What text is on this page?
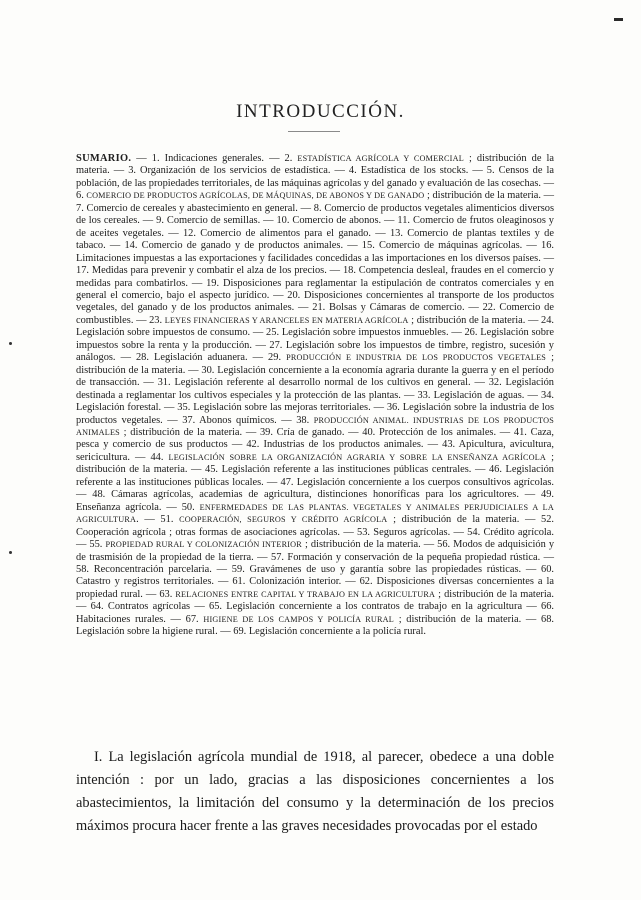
INTRODUCCIÓN.
SUMARIO. — 1. Indicaciones generales. — 2. ESTADÍSTICA AGRÍCOLA Y COMERCIAL ; distribución de la materia. — 3. Organización de los servicios de estadística. — 4. Estadística de los stocks. — 5. Censos de la población, de las propiedades territoriales, de las máquinas agrícolas y del ganado y evaluación de las cosechas. — 6. COMERCIO DE PRODUCTOS AGRÍCOLAS, DE MÁQUINAS, DE ABONOS Y DE GANADO ; distribución de la materia. — 7. Comercio de cereales y abastecimiento en general. — 8. Comercio de productos vegetales alimenticios diversos de los cereales. — 9. Comercio de semillas. — 10. Comercio de abonos. — 11. Comercio de frutos oleaginosos y de aceites vegetales. — 12. Comercio de alimentos para el ganado. — 13. Comercio de plantas textiles y de tabaco. — 14. Comercio de ganado y de productos animales. — 15. Comercio de máquinas agrícolas. — 16. Limitaciones impuestas a las exportaciones y facilidades concedidas a las importaciones en los diversos países. — 17. Medidas para prevenir y combatir el alza de los precios. — 18. Competencia desleal, fraudes en el comercio y medidas para combatirlos. — 19. Disposiciones para reglamentar la estipulación de contratos comerciales y en general el comercio, bajo el aspecto jurídico. — 20. Disposiciones concernientes al transporte de los productos vegetales, del ganado y de los productos animales. — 21. Bolsas y Cámaras de comercio. — 22. Comercio de combustibles. — 23. LEYES FINANCIERAS Y ARANCELES EN MATERIA AGRÍCOLA ; distribución de la materia. — 24. Legislación sobre impuestos de consumo. — 25. Legislación sobre impuestos inmuebles. — 26. Legislación sobre impuestos sobre la renta y la producción. — 27. Legislación sobre los impuestos de timbre, registro, sucesión y análogos. — 28. Legislación aduanera. — 29. PRODUCCIÓN E INDUSTRIA DE LOS PRODUCTOS VEGETALES ; distribución de la materia. — 30. Legislación concerniente a la economía agraria durante la guerra y en el período de transacción. — 31. Legislación referente al desarrollo normal de los cultivos en general. — 32. Legislación destinada a reglamentar los cultivos especiales y la protección de las plantas. — 33. Legislación de aguas. — 34. Legislación forestal. — 35. Legislación sobre las mejoras territoriales. — 36. Legislación sobre la industria de los productos vegetales. — 37. Abonos químicos. — 38. PRODUCCIÓN ANIMAL. INDUSTRIAS DE LOS PRODUCTOS ANIMALES ; distribución de la materia. — 39. Cría de ganado. — 40. Protección de los animales. — 41. Caza, pesca y comercio de sus productos — 42. Industrias de los productos animales. — 43. Apicultura, avicultura, sericicultura. — 44. LEGISLACIÓN SOBRE LA ORGANIZACIÓN AGRARIA Y SOBRE LA ENSEÑANZA AGRÍCOLA ; distribución de la materia. — 45. Legislación referente a las instituciones públicas centrales. — 46. Legislación referente a las instituciones públicas locales. — 47. Legislación concerniente a los cuerpos consultivos agrícolas. — 48. Cámaras agrícolas, academias de agricultura, distinciones honoríficas para los agricultores. — 49. Enseñanza agrícola. — 50. ENFERMEDADES DE LAS PLANTAS. VEGETALES Y ANIMALES PERJUDICIALES A LA AGRICULTURA. — 51. COOPERACIÓN, SEGUROS Y CRÉDITO AGRÍCOLA ; distribución de la materia. — 52. Cooperación agrícola ; otras formas de asociaciones agrícolas. — 53. Seguros agrícolas. — 54. Crédito agrícola. — 55. PROPIEDAD RURAL Y COLONIZACIÓN INTERIOR ; distribución de la materia. — 56. Modos de adquisición y de trasmisión de la propiedad de la tierra. — 57. Formación y conservación de la pequeña propiedad rústica. — 58. Reconcentración parcelaria. — 59. Gravámenes de uso y garantía sobre las propiedades rústicas. — 60. Catastro y registros territoriales. — 61. Colonización interior. — 62. Disposiciones diversas concernientes a la propiedad rural. — 63. RELACIONES ENTRE CAPITAL Y TRABAJO EN LA AGRICULTURA ; distribución de la materia. — 64. Contratos agrícolas — 65. Legislación concerniente a los contratos de trabajo en la agricultura — 66. Habitaciones rurales. — 67. HIGIENE DE LOS CAMPOS Y POLICÍA RURAL ; distribución de la materia. — 68. Legislación sobre la higiene rural. — 69. Legislación concerniente a la policía rural.
I. La legislación agrícola mundial de 1918, al parecer, obedece a una doble intención : por un lado, gracias a las disposiciones concernientes a los abastecimientos, la limitación del consumo y la determinación de los precios máximos procura hacer frente a las graves necesidades provocadas por el estado
